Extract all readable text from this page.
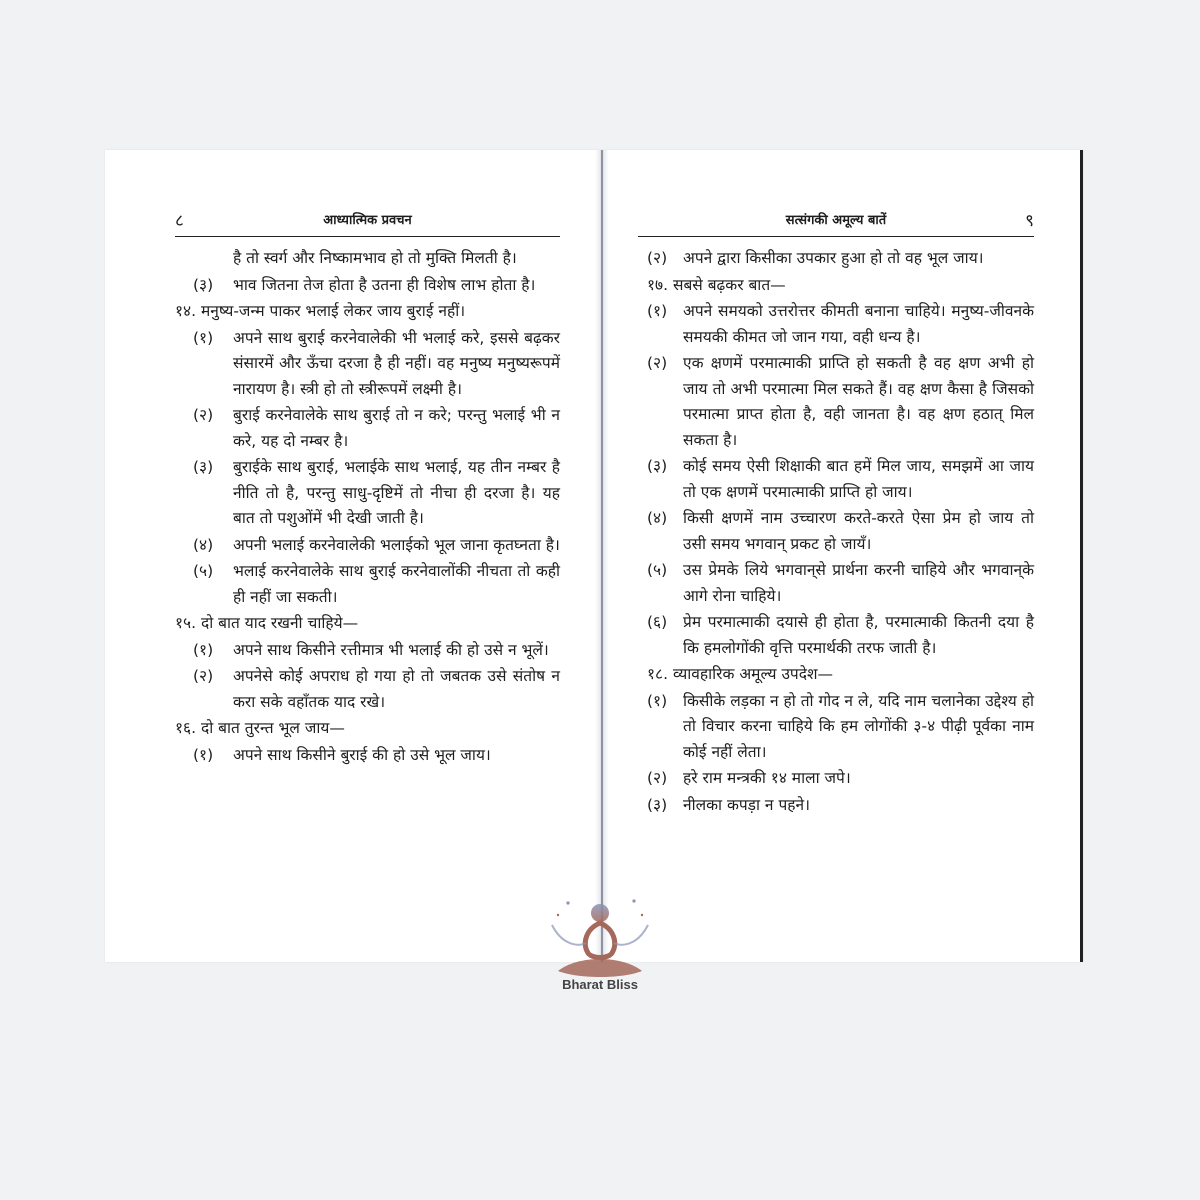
८	आध्यात्मिक प्रवचन
है तो स्वर्ग और निष्कामभाव हो तो मुक्ति मिलती है।
(३) भाव जितना तेज होता है उतना ही विशेष लाभ होता है।
१४. मनुष्य-जन्म पाकर भलाई लेकर जाय बुराई नहीं।
(१) अपने साथ बुराई करनेवालेकी भी भलाई करे, इससे बढ़कर संसारमें और ऊँचा दरजा है ही नहीं। वह मनुष्य मनुष्यरूपमें नारायण है। स्त्री हो तो स्त्रीरूपमें लक्ष्मी है।
(२) बुराई करनेवालेके साथ बुराई तो न करे; परन्तु भलाई भी न करे, यह दो नम्बर है।
(३) बुराईके साथ बुराई, भलाईके साथ भलाई, यह तीन नम्बर है नीति तो है, परन्तु साधु-दृष्टिमें तो नीचा ही दरजा है। यह बात तो पशुओंमें भी देखी जाती है।
(४) अपनी भलाई करनेवालेकी भलाईको भूल जाना कृतघ्नता है।
(५) भलाई करनेवालेके साथ बुराई करनेवालोंकी नीचता तो कही ही नहीं जा सकती।
१५. दो बात याद रखनी चाहिये—
(१) अपने साथ किसीने रत्तीमात्र भी भलाई की हो उसे न भूलें।
(२) अपनेसे कोई अपराध हो गया हो तो जबतक उसे संतोष न करा सके वहाँतक याद रखे।
१६. दो बात तुरन्त भूल जाय—
(१) अपने साथ किसीने बुराई की हो उसे भूल जाय।
सत्संगकी अमूल्य बातें	९
(२) अपने द्वारा किसीका उपकार हुआ हो तो वह भूल जाय।
१७. सबसे बढ़कर बात—
(१) अपने समयको उत्तरोत्तर कीमती बनाना चाहिये। मनुष्य-जीवनके समयकी कीमत जो जान गया, वही धन्य है।
(२) एक क्षणमें परमात्माकी प्राप्ति हो सकती है वह क्षण अभी हो जाय तो अभी परमात्मा मिल सकते हैं। वह क्षण कैसा है जिसको परमात्मा प्राप्त होता है, वही जानता है। वह क्षण हठात् मिल सकता है।
(३) कोई समय ऐसी शिक्षाकी बात हमें मिल जाय, समझमें आ जाय तो एक क्षणमें परमात्माकी प्राप्ति हो जाय।
(४) किसी क्षणमें नाम उच्चारण करते-करते ऐसा प्रेम हो जाय तो उसी समय भगवान् प्रकट हो जायँ।
(५) उस प्रेमके लिये भगवान्‌से प्रार्थना करनी चाहिये और भगवान्‌के आगे रोना चाहिये।
(६) प्रेम परमात्माकी दयासे ही होता है, परमात्माकी कितनी दया है कि हमलोगोंकी वृत्ति परमार्थकी तरफ जाती है।
१८. व्यावहारिक अमूल्य उपदेश—
(१) किसीके लड़का न हो तो गोद न ले, यदि नाम चलानेका उद्देश्य हो तो विचार करना चाहिये कि हम लोगोंकी ३-४ पीढ़ी पूर्वका नाम कोई नहीं लेता।
(२) हरे राम मन्त्रकी १४ माला जपे।
(३) नीलका कपड़ा न पहने।
Bharat Bliss
